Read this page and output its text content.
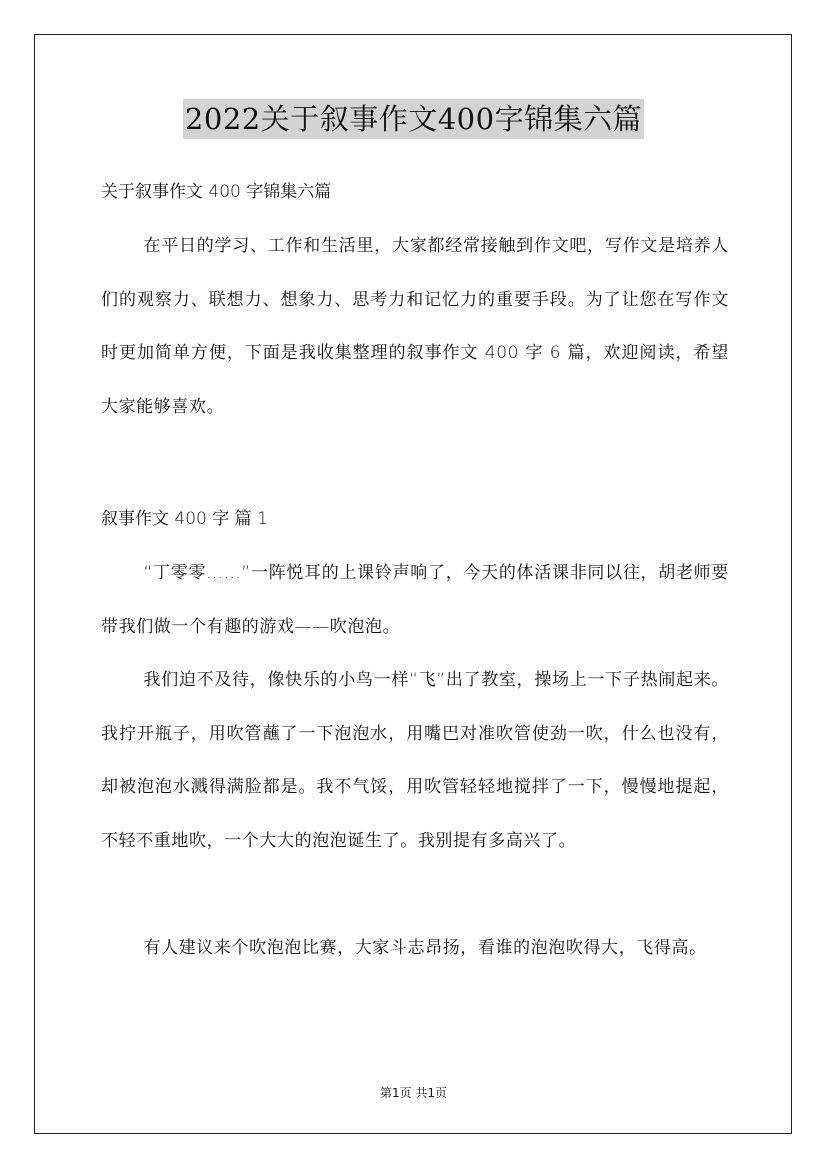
2022关于叙事作文400字锦集六篇
关于叙事作文 400 字锦集六篇

在平日的学习、工作和生活里，大家都经常接触到作文吧，写作文是培养人们的观察力、联想力、想象力、思考力和记忆力的重要手段。为了让您在写作文时更加简单方便，下面是我收集整理的叙事作文 400 字 6 篇，欢迎阅读，希望大家能够喜欢。

叙事作文 400 字 篇 1

“丁零零……”一阵悦耳的上课铃声响了，今天的体活课非同以往，胡老师要带我们做一个有趣的游戏——吹泡泡。

我们迫不及待，像快乐的小鸟一样“飞”出了教室，操场上一下子热闹起来。我拧开瓶子，用吹管蘸了一下泡泡水，用嘴巴对准吹管使劲一吹，什么也没有，却被泡泡水溅得满脸都是。我不气馁，用吹管轻轻地搅拌了一下，慢慢地提起，不轻不重地吹，一个大大的泡泡诞生了。我别提有多高兴了。

有人建议来个吹泡泡比赛，大家斗志昂扬，看谁的泡泡吹得大，飞得高。

第1页 共1页
